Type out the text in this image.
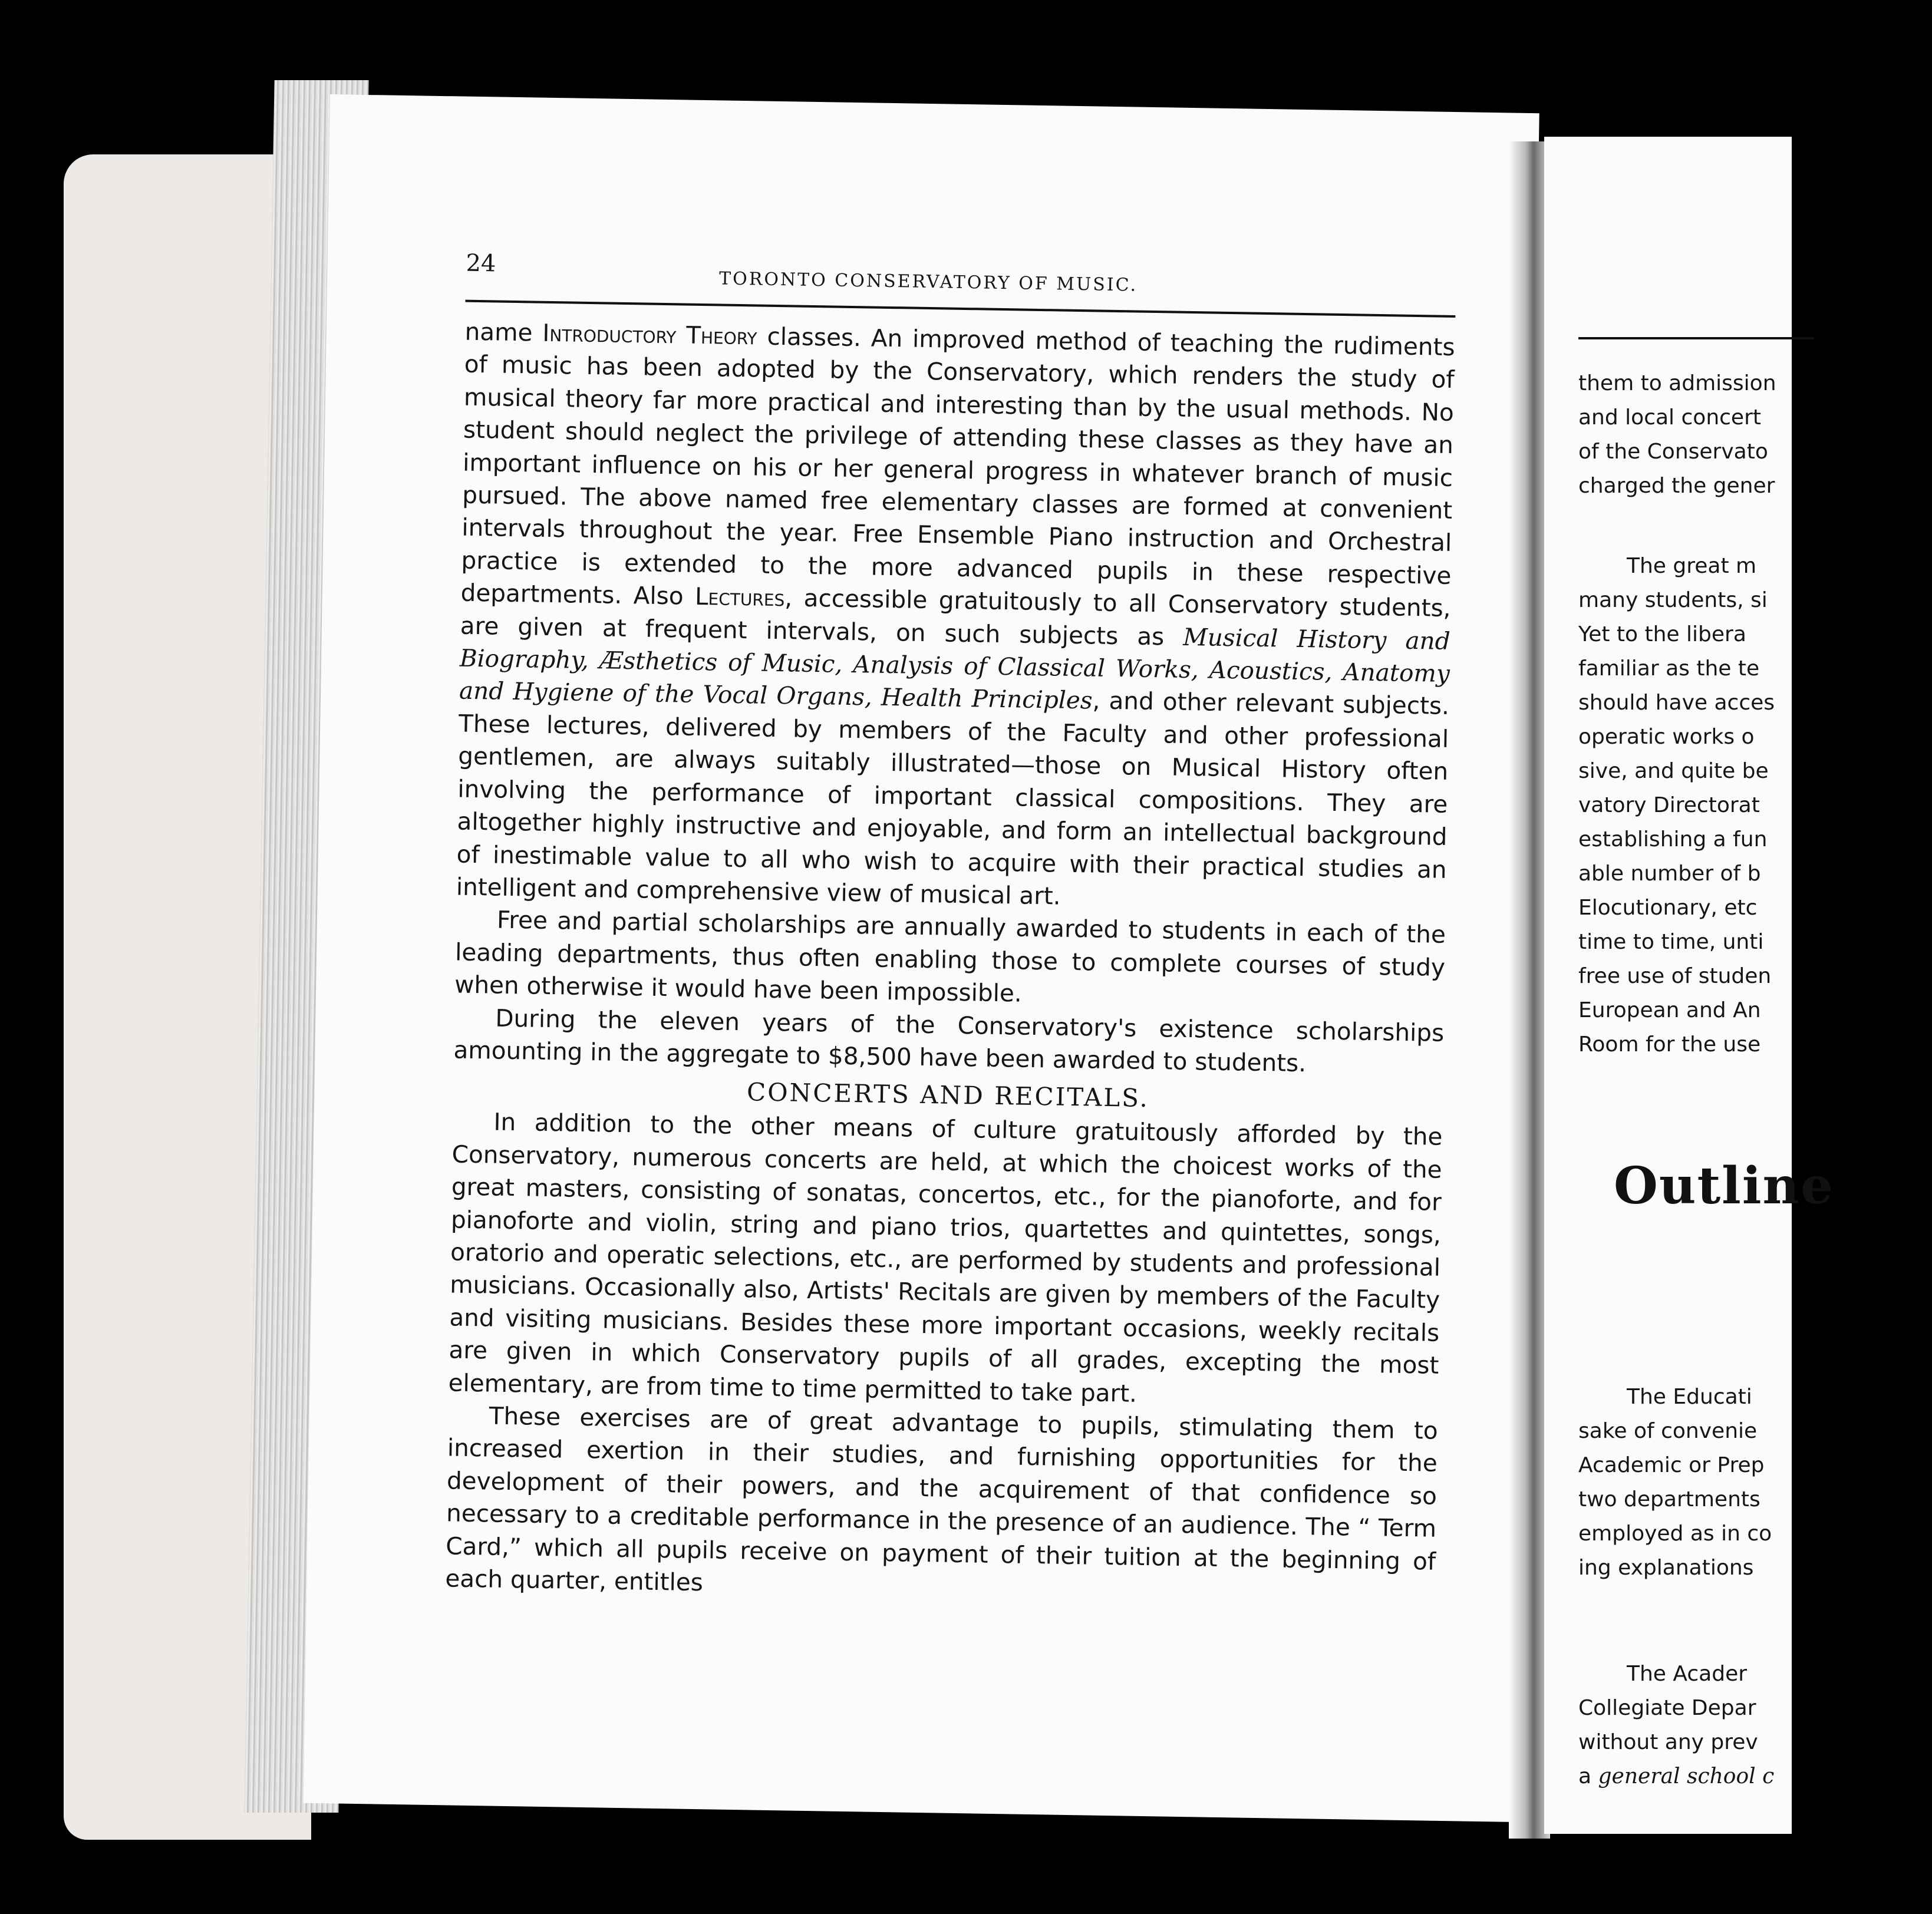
24
TORONTO CONSERVATORY OF MUSIC.

name Introductory Theory classes. An improved method of teaching the rudiments of music has been adopted by the Conservatory, which renders the study of musical theory far more practical and interesting than by the usual methods. No student should neglect the privilege of attending these classes as they have an important influence on his or her general progress in whatever branch of music pursued. The above named free elementary classes are formed at convenient intervals throughout the year. Free Ensemble Piano instruction and Orchestral practice is extended to the more advanced pupils in these respective departments. Also Lectures, accessible gratuitously to all Conservatory students, are given at frequent intervals, on such subjects as Musical History and Biography, Æsthetics of Music, Analysis of Classical Works, Acoustics, Anatomy and Hygiene of the Vocal Organs, Health Principles, and other relevant subjects. These lectures, delivered by members of the Faculty and other professional gentlemen, are always suitably illustrated—those on Musical History often involving the performance of important classical compositions. They are altogether highly instructive and enjoyable, and form an intellectual background of inestimable value to all who wish to acquire with their practical studies an intelligent and comprehensive view of musical art.

Free and partial scholarships are annually awarded to students in each of the leading departments, thus often enabling those to complete courses of study when otherwise it would have been impossible.

During the eleven years of the Conservatory's existence scholarships amounting in the aggregate to $8,500 have been awarded to students.

CONCERTS AND RECITALS.

In addition to the other means of culture gratuitously afforded by the Conservatory, numerous concerts are held, at which the choicest works of the great masters, consisting of sonatas, concertos, etc., for the pianoforte, and for pianoforte and violin, string and piano trios, quartettes and quintettes, songs, oratorio and operatic selections, etc., are performed by students and professional musicians. Occasionally also, Artists' Recitals are given by members of the Faculty and visiting musicians. Besides these more important occasions, weekly recitals are given in which Conservatory pupils of all grades, excepting the most elementary, are from time to time permitted to take part.

These exercises are of great advantage to pupils, stimulating them to increased exertion in their studies, and furnishing opportunities for the development of their powers, and the acquirement of that confidence so necessary to a creditable performance in the presence of an audience. The “ Term Card,” which all pupils receive on payment of their tuition at the beginning of each quarter, entitles

them to admission
and local concert
of the Conservato
charged the gener
The great m
many students, si
Yet to the libera
familiar as the te
should have acces
operatic works o
sive, and quite be
vatory Directorat
establishing a fun
able number of b
Elocutionary, etc
time to time, unti
free use of studen
European and An
Room for the use
Outline
The Educati
sake of convenie
Academic or Prep
two departments
employed as in co
ing explanations
The Acader
Collegiate Depar
without any prev
a general school c
